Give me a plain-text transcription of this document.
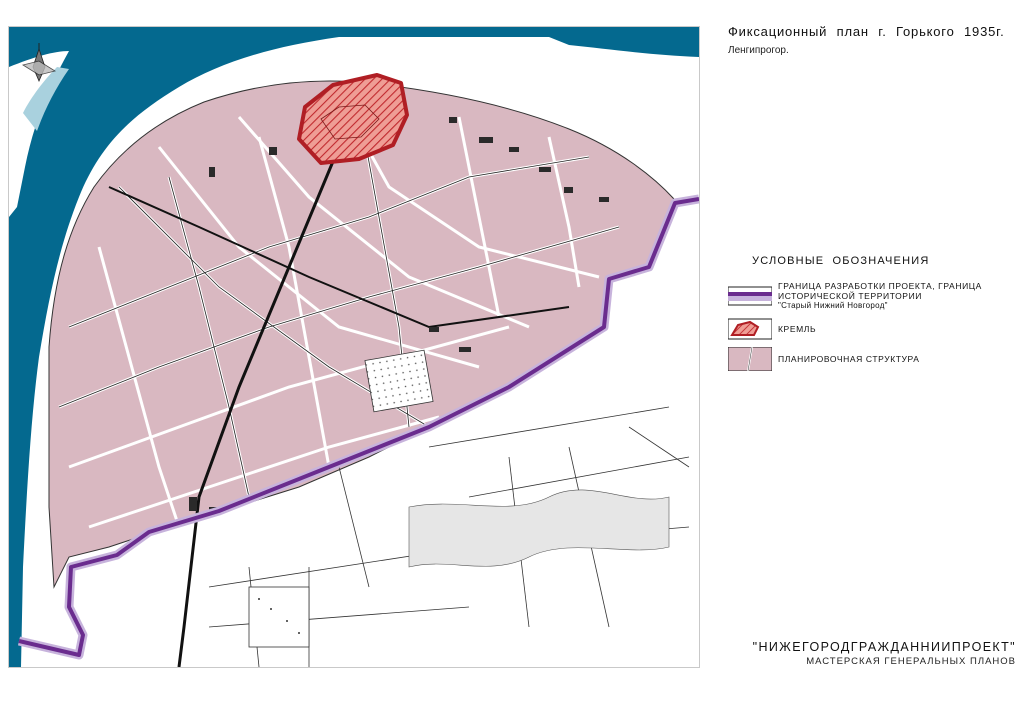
Фиксационный план г. Горького 1935г.
Ленгипрогор.
УСЛОВНЫЕ ОБОЗНАЧЕНИЯ
ГРАНИЦА РАЗРАБОТКИ ПРОЕКТА, ГРАНИЦА ИСТОРИЧЕСКОЙ ТЕРРИТОРИИ
"Старый Нижний Новгород"
КРЕМЛЬ
ПЛАНИРОВОЧНАЯ СТРУКТУРА
"НИЖЕГОРОДГРАЖДАННИИПРОЕКТ"
МАСТЕРСКАЯ ГЕНЕРАЛЬНЫХ ПЛАНОВ
